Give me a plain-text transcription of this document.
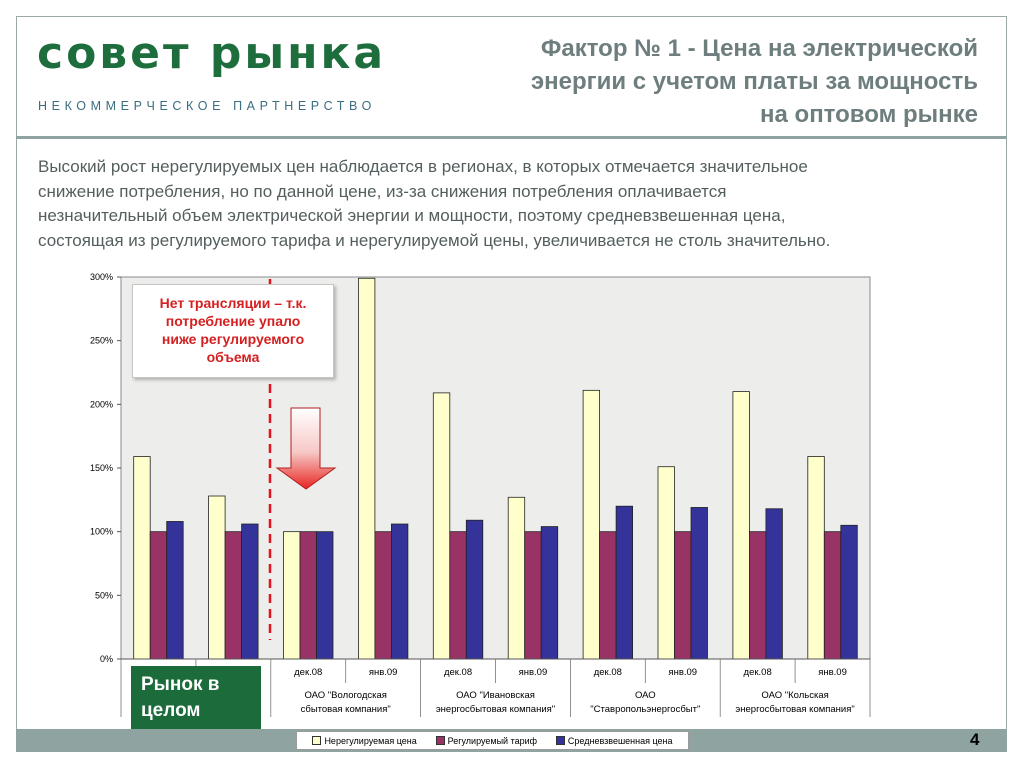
совет рынка
НЕКОММЕРЧЕСКОЕ ПАРТНЕРСТВО
Фактор № 1 - Цена на электрической
энергии с учетом платы за мощность
на оптовом рынке
Высокий рост нерегулируемых цен наблюдается в регионах, в которых отмечается значительное
снижение потребления, но по данной цене, из-за снижения потребления оплачивается
незначительный объем электрической энергии и мощности, поэтому средневзвешенная цена,
состоящая из регулируемого тарифа и нерегулируемой цены, увеличивается не столь значительно.
0%
50%
100%
150%
200%
250%
300%
дек.08	янв.09	дек.08	янв.09	дек.08	янв.09	дек.08	янв.09
ОАО "Вологодская
сбытовая компания"
ОАО "Ивановская
энергосбытовая компания"
ОАО
"Ставропольэнергосбыт"
ОАО "Кольская
энергосбытовая компания"
Нет трансляции – т.к.
потребление упало
ниже регулируемого
объема
Рынок в
целом
Нерегулируемая цена	Регулируемый тариф	Средневзвешенная цена	4
